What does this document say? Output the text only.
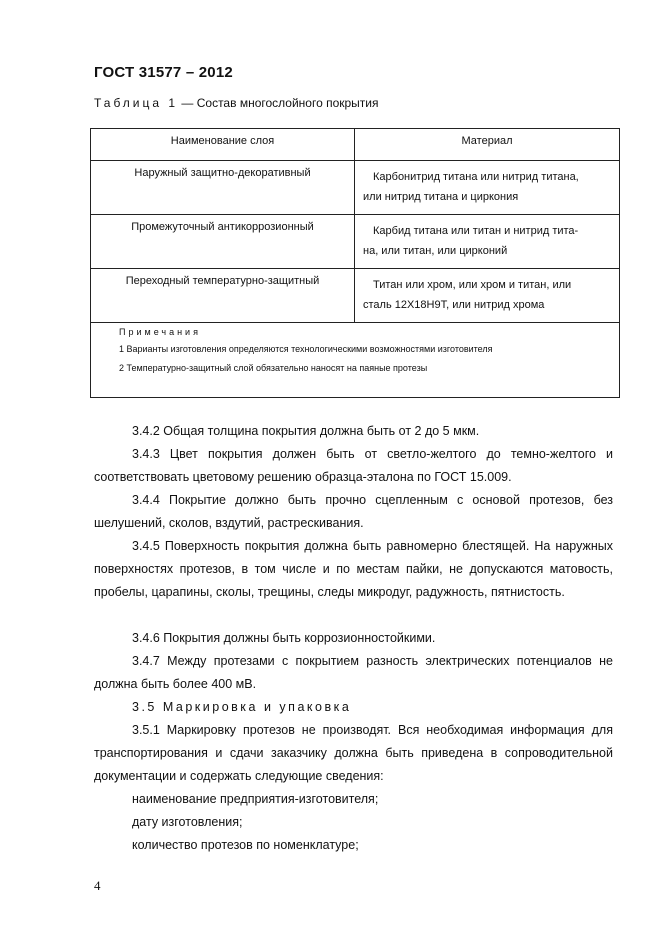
ГОСТ 31577 – 2012
Таблица 1 — Состав многослойного покрытия
Наименование слоя	Материал
Наружный защитно-декоративный	Карбонитрид титана или нитрид титана,
или нитрид титана и циркония

Промежуточный антикоррозионный	Карбид титана или титан и нитрид тита-
на, или титан, или цирконий

Переходный температурно-защитный	Титан или хром, или хром и титан, или
сталь 12Х18Н9Т, или нитрид хрома

Примечания
1 Варианты изготовления определяются технологическими возможностями изготовителя
2 Температурно-защитный слой обязательно наносят на паяные протезы	
3.4.2 Общая толщина покрытия должна быть от 2 до 5 мкм.
3.4.3 Цвет покрытия должен быть от светло-желтого до темно-желтого и соответствовать цветовому решению образца-эталона по ГОСТ 15.009.
3.4.4 Покрытие должно быть прочно сцепленным с основой протезов, без шелушений, сколов, вздутий, растрескивания.
3.4.5 Поверхность покрытия должна быть равномерно блестящей. На наружных поверхностях протезов, в том числе и по местам пайки, не допускаются матовость, пробелы, царапины, сколы, трещины, следы микродуг, радужность, пятнистость.
3.4.6 Покрытия должны быть коррозионностойкими.
3.4.7 Между протезами с покрытием разность электрических потенциалов не должна быть более 400 мВ.
3.5 Маркировка и упаковка
3.5.1 Маркировку протезов не производят. Вся необходимая информация для транспортирования и сдачи заказчику должна быть приведена в сопроводительной документации и содержать следующие сведения:
наименование предприятия-изготовителя;
дату изготовления;
количество протезов по номенклатуре;
4
